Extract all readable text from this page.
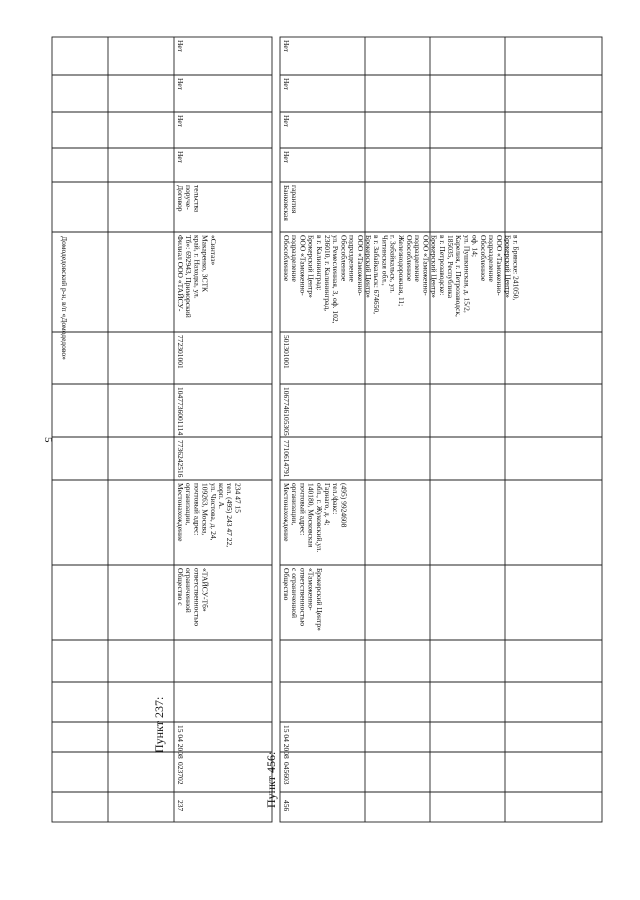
5
Домодедовский р-н, в/п «Домодедово»
Пункт 237:
237
023702
15 04 2008
Общество сограниченнойответственностью«ТАЙСУ-Тб»
Местонахождениеорганизации,почтовый адрес:109263, Москва,ул. Чистова, д. 24,корп. А.тел. (495) 243 47 22,234 47 15
7736242516
1047736001114
772301001
Филиал ООО «ТАЙСУ-Тб»: 692943, Приморскийкрай, г. Находка, ул.Макаренко, ЗСТК«Синтаз»
Договорпоруче-тельства
Нет
Нет
Нет
Нет
Пункт 456: 456
045603
15 04 2008
Обществос ограниченнойответственностью«Таможенно-Брокерский Центр»
Местонахождениеорганизации,почтовый адрес:140180, Московскаяобл., г. Жуковский,ул.Гарнаго, д. 4;тел./факс:(495) 9924608
7710614791
1067746105305
501301001
ОбособленноеподразделениеООО «Таможенно-Брокерский Центр»в г. Калининград:236010, г. Калининград,ул. Ремесленная, 3, оф. 102,ОбособленноеподразделениеООО «Таможенно-Брокерский Центр»в г. Забайкальск: 674650,Читинская обл.,г. Забайкальск, ул.Железнодорожная, 11;ОбособленноеподразделениеООО «Таможенно-Брокерский Центр»в г. Петрозаводске:185035, РеспубликаКарелия, г. Петрозаводск,ул. Пушкинская, д. 15/2,оф. 14;ОбособленноеподразделениеООО «Таможенно-Брокерский Центр»в г. Брянске: 241050,
Банковскаягарантия
Нет
Нет
Нет
Нет
